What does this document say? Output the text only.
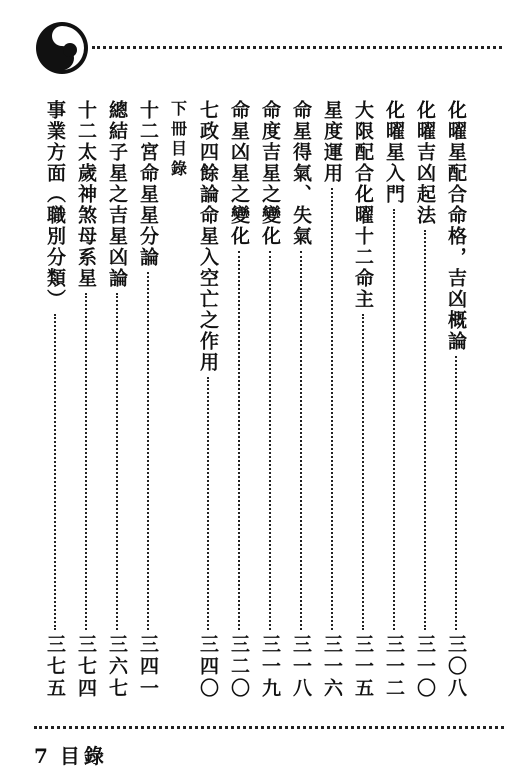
化曜星配合命格，吉凶概論
三〇八
化曜吉凶起法
三一〇
化曜星入門
三一二
大限配合化曜十二命主
三一五
星度運用
三一六
命星得氣、失氣
三一八
命度吉星之變化
三一九
命星凶星之變化
三二〇
七政四餘論命星入空亡之作用
三四〇
下冊目錄
十二宮命星星分論
三四一
總結子星之吉星凶論
三六七
十二太歲神煞母系星
三七四
事業方面（職別分類）
三七五
7 目錄
